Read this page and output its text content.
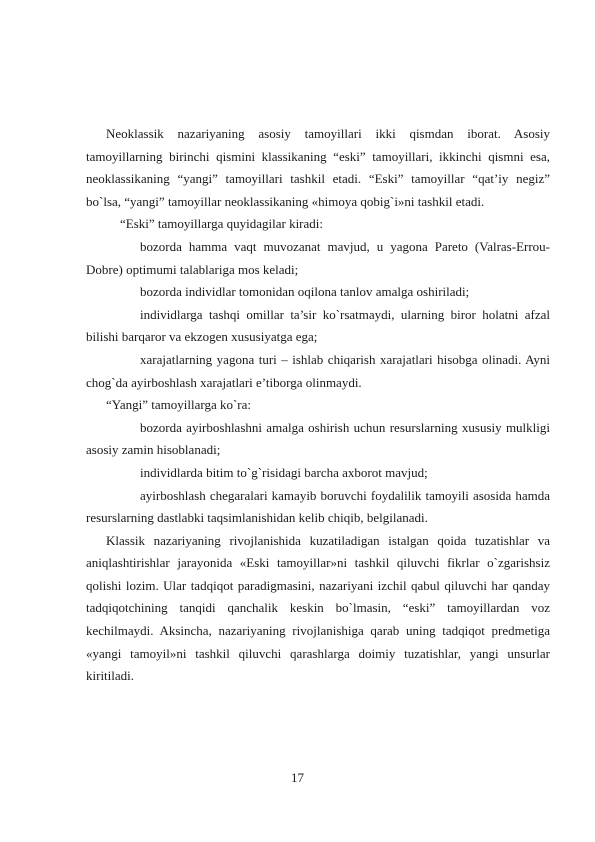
Neoklassik nazariyaning asosiy tamoyillari ikki qismdan iborat. Asosiy tamoyillarning birinchi qismini klassikaning “eski” tamoyillari, ikkinchi qismni esa, neoklassikaning “yangi” tamoyillari tashkil etadi. “Eski” tamoyillar “qat’iy negiz” bo`lsa, “yangi” tamoyillar neoklassikaning «himoya qobig`i»ni tashkil etadi.

“Eski” tamoyillarga quyidagilar kiradi:

bozorda hamma vaqt muvozanat mavjud, u yagona Pareto (Valras-Errou-Dobre) optimumi talablariga mos keladi;

bozorda individlar tomonidan oqilona tanlov amalga oshiriladi;

individlarga tashqi omillar ta’sir ko`rsatmaydi, ularning biror holatni afzal bilishi barqaror va ekzogen xususiyatga ega;

xarajatlarning yagona turi – ishlab chiqarish xarajatlari hisobga olinadi. Ayni chog`da ayirboshlash xarajatlari e’tiborga olinmaydi.

“Yangi” tamoyillarga ko`ra:

bozorda ayirboshlashni amalga oshirish uchun resurslarning xususiy mulkligi asosiy zamin hisoblanadi;

individlarda bitim to`g`risidagi barcha axborot mavjud;

ayirboshlash chegaralari kamayib boruvchi foydalilik tamoyili asosida hamda resurslarning dastlabki taqsimlanishidan kelib chiqib, belgilanadi.

Klassik nazariyaning rivojlanishida kuzatiladigan istalgan qoida tuzatishlar va aniqlashtirishlar jarayonida «Eski tamoyillar»ni tashkil qiluvchi fikrlar o`zgarishsiz qolishi lozim. Ular tadqiqot paradigmasini, nazariyani izchil qabul qiluvchi har qanday tadqiqotchining tanqidi qanchalik keskin bo`lmasin, “eski” tamoyillardan voz kechilmaydi. Aksincha, nazariyaning rivojlanishiga qarab uning tadqiqot predmetiga «yangi tamoyil»ni tashkil qiluvchi qarashlarga doimiy tuzatishlar, yangi unsurlar kiritiladi.

17
